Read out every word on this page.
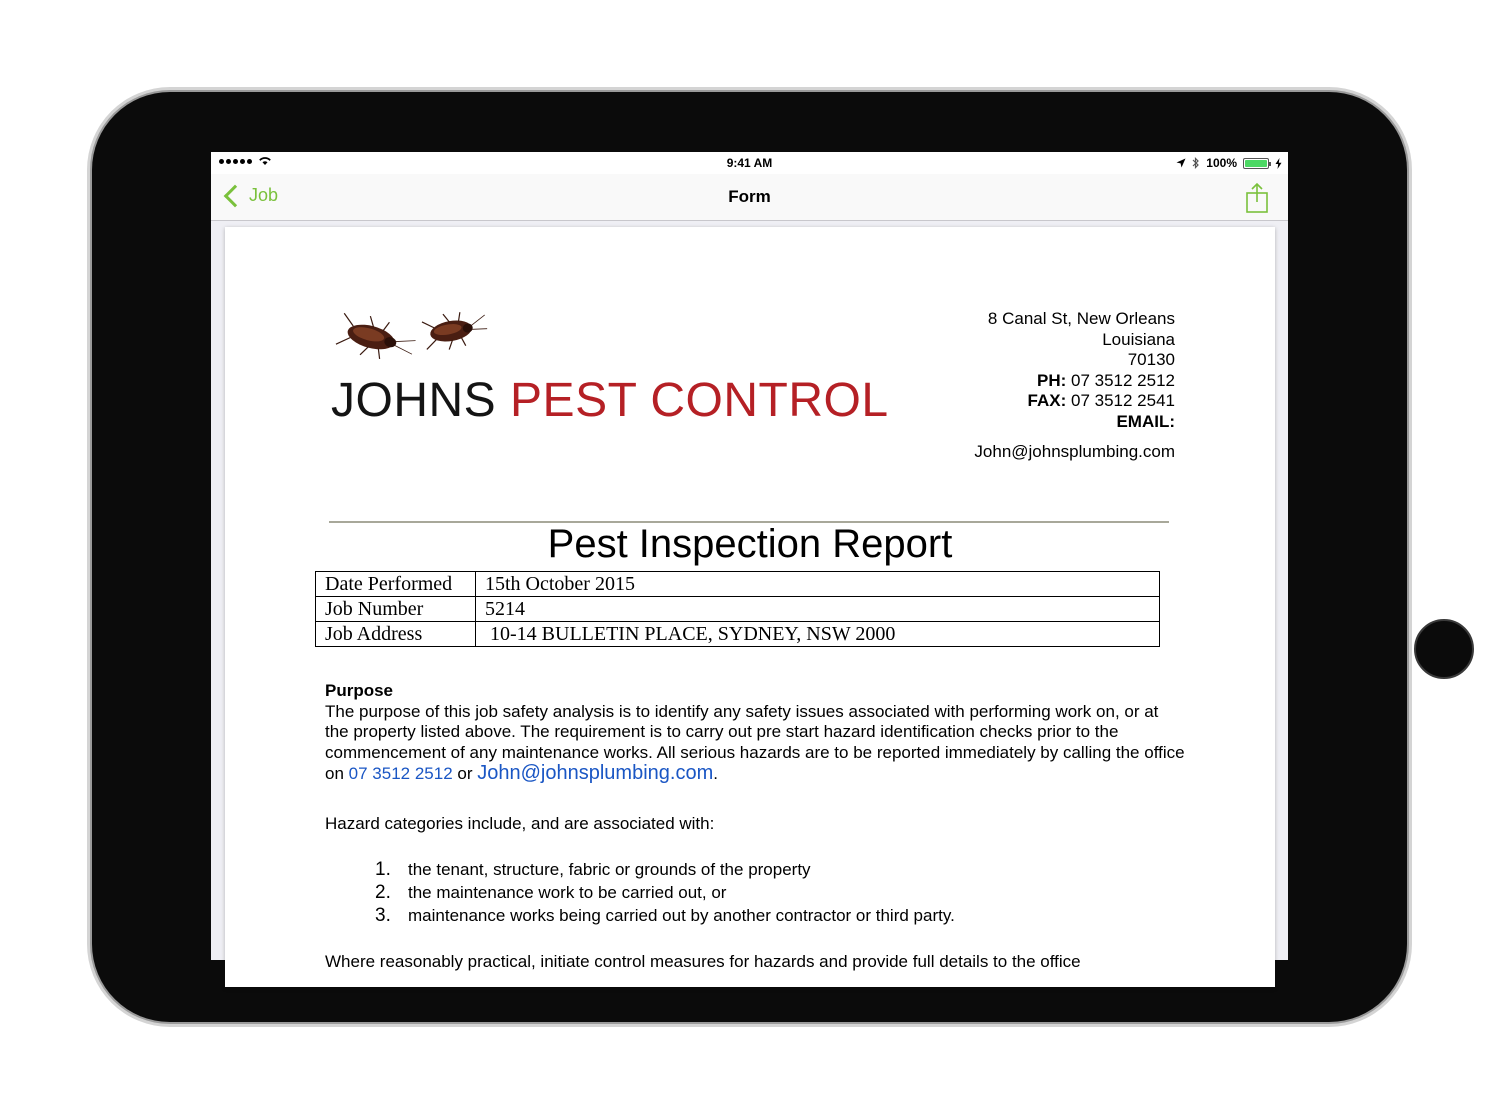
9:41 AM	100%
Job	Form
JOHNS PEST CONTROL
8 Canal St, New Orleans
Louisiana
70130
PH: 07 3512 2512
FAX: 07 3512 2541
EMAIL:
John@johnsplumbing.com
Pest Inspection Report
Date Performed	15th October 2015
Job Number	5214
Job Address	10-14 BULLETIN PLACE, SYDNEY, NSW 2000
Purpose
The purpose of this job safety analysis is to identify any safety issues associated with performing work on, or at the property listed above. The requirement is to carry out pre start hazard identification checks prior to the commencement of any maintenance works. All serious hazards are to be reported immediately by calling the office on 07 3512 2512 or John@johnsplumbing.com.
Hazard categories include, and are associated with:
1.	the tenant, structure, fabric or grounds of the property
2.	the maintenance work to be carried out, or
3.	maintenance works being carried out by another contractor or third party.
Where reasonably practical, initiate control measures for hazards and provide full details to the office
